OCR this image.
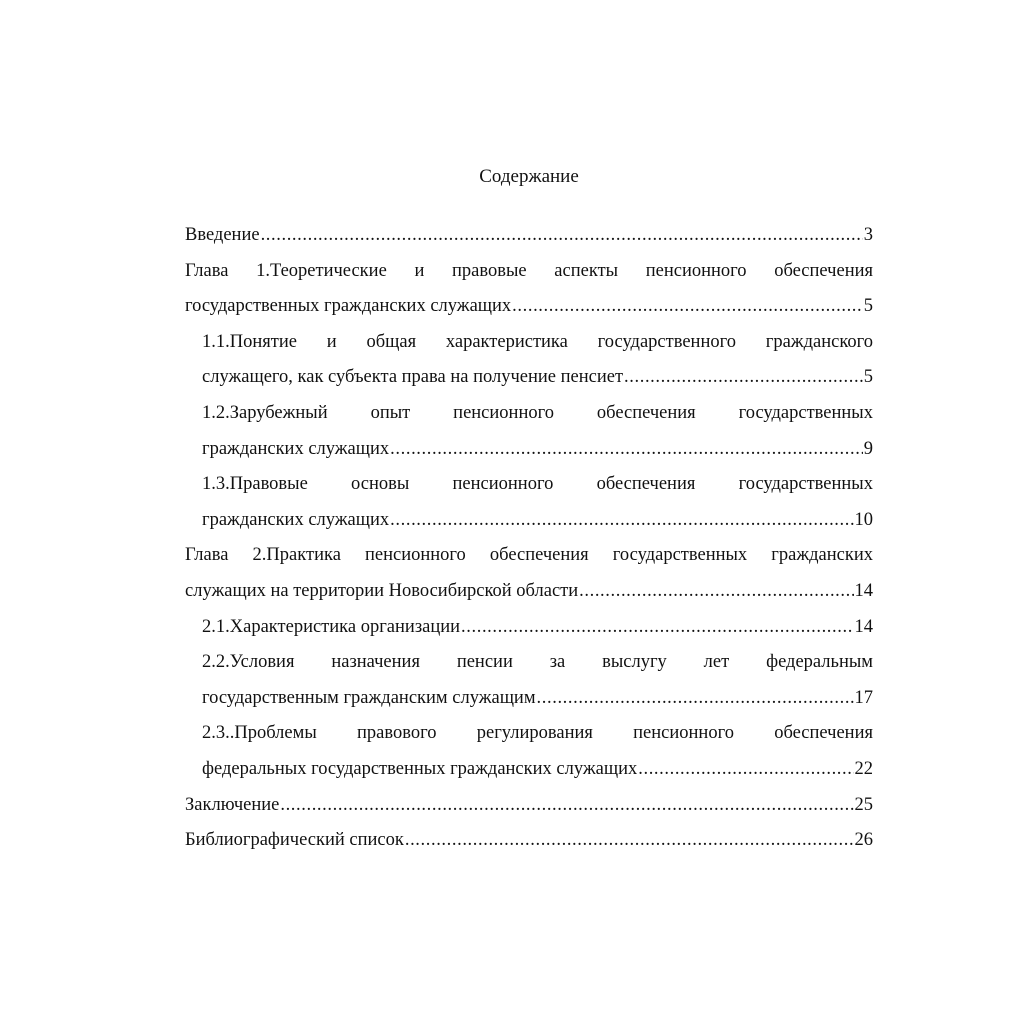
Содержание
Введение .....	3
Глава 1.Теоретические и правовые аспекты пенсионного обеспечения
государственных гражданских служащих .....	5
1.1.Понятие и общая характеристика государственного гражданского
служащего, как субъекта права на получение пенсиeт .....	5
1.2.Зарубежный опыт пенсионного обеспечения государственных
гражданских служащих .....	9
1.3.Правовые основы пенсионного обеспечения государственных
гражданских служащих .....	10
Глава 2.Практика пенсионного обеспечения государственных гражданских
служащих на территории Новосибирской области .....	14
2.1.Характеристика организации .....	14
2.2.Условия назначения пенсии за выслугу лет федеральным
государственным гражданским служащим .....	17
2.3..Проблемы правового регулирования пенсионного обеспечения
федеральных государственных гражданских служащих .....	22
Заключение .....	25
Библиографический список .....	26
